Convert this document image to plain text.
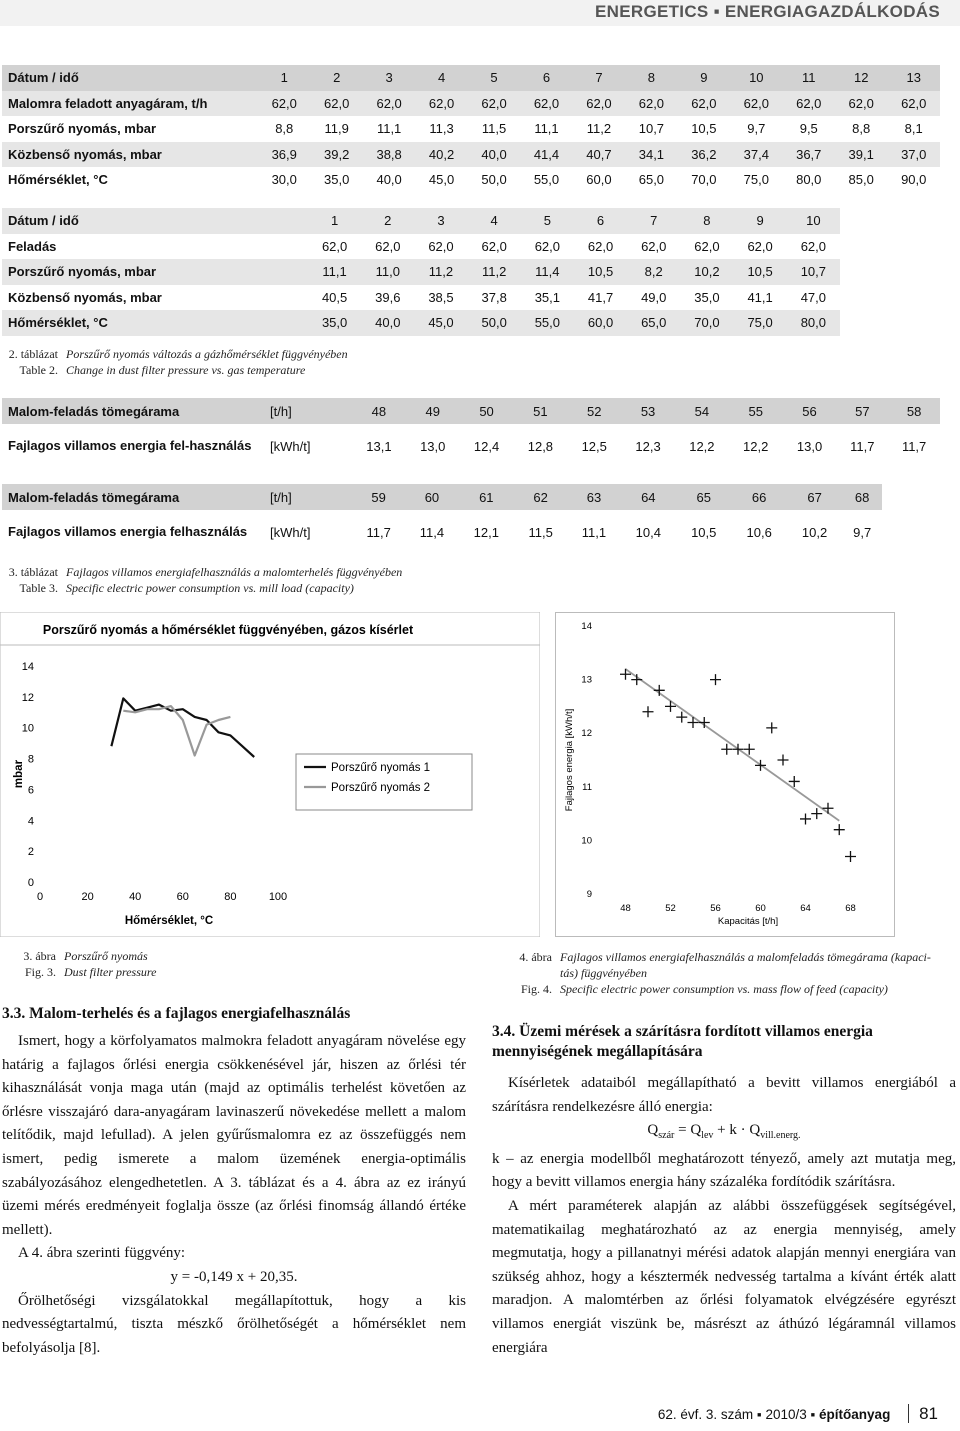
ENERGETICS ▪ ENERGIAGAZDÁLKODÁS
Dátum / idő	1	2	3	4	5	6	7	8	9	10	11	12	13
Malomra feladott anyagáram, t/h	62,0	62,0	62,0	62,0	62,0	62,0	62,0	62,0	62,0	62,0	62,0	62,0	62,0
Porszűrő nyomás, mbar	8,8	11,9	11,1	11,3	11,5	11,1	11,2	10,7	10,5	9,7	9,5	8,8	8,1
Közbenső nyomás, mbar	36,9	39,2	38,8	40,2	40,0	41,4	40,7	34,1	36,2	37,4	36,7	39,1	37,0
Hőmérséklet, °C	30,0	35,0	40,0	45,0	50,0	55,0	60,0	65,0	70,0	75,0	80,0	85,0	90,0
Dátum / idő	1	2	3	4	5	6	7	8	9	10
Feladás	62,0	62,0	62,0	62,0	62,0	62,0	62,0	62,0	62,0	62,0
Porszűrő nyomás, mbar	11,1	11,0	11,2	11,2	11,4	10,5	8,2	10,2	10,5	10,7
Közbenső nyomás, mbar	40,5	39,6	38,5	37,8	35,1	41,7	49,0	35,0	41,1	47,0
Hőmérséklet, °C	35,0	40,0	45,0	50,0	55,0	60,0	65,0	70,0	75,0	80,0
2. táblázat Porszűrő nyomás változás a gázhőmérséklet függvényében
Table 2. Change in dust filter pressure vs. gas temperature
Malom-feladás tömegárama	[t/h]	48	49	50	51	52	53	54	55	56	57	58
Fajlagos villamos energia fel-használás	[kWh/t]	13,1	13,0	12,4	12,8	12,5	12,3	12,2	12,2	13,0	11,7	11,7
Malom-feladás tömegárama	[t/h]	59	60	61	62	63	64	65	66	67	68
Fajlagos villamos energia felhasználás	[kWh/t]	11,7	11,4	12,1	11,5	11,1	10,4	10,5	10,6	10,2	9,7
3. táblázat Fajlagos villamos energiafelhasználás a malomterhelés függvényében
Table 3. Specific electric power consumption vs. mill load (capacity)
Porszűrő nyomás a hőmérséklet függvényében, gázos kísérlet
0
2
4
6
8
10
12
14
0	20	40	60	80	100
Hőmérséklet, °C
mbar	Porszűrő nyomás 1
Porszűrő nyomás 2
9
10
11
12
13
14
48	52	56	60	64	68
Kapacitás [t/h]
Fajlagos energia [kWh/t]
3. ábra Porszűrő nyomás
Fig. 3. Dust filter pressure
4. ábra Fajlagos villamos energiafelhasználás a malomfeladás tömegárama (kapaci-tás) függvényében
Fig. 4. Specific electric power consumption vs. mass flow of feed (capacity)
3.3. Malom-terhelés és a fajlagos energiafelhasználás

Ismert, hogy a körfolyamatos malmokra feladott anyagáram növelése egy határig a fajlagos őrlési energia csökkenésével jár, hiszen az őrlési tér kihasználását vonja maga után (majd az optimális terhelést követően az őrlésre visszajáró dara-anyagáram lavinaszerű növekedése mellett a malom telítődik, majd lefullad). A jelen gyűrűsmalomra ez az összefüggés nem ismert, pedig ismerete a malom üzemének energia-optimális szabályozásához elengedhetetlen. A 3. táblázat és a 4. ábra az ez irányú üzemi mérés eredményeit foglalja össze (az őrlési finomság állandó értéke mellett).

A 4. ábra szerinti függvény:

y = -0,149 x + 20,35.

Őrölhetőségi vizsgálatokkal megállapítottuk, hogy a kis nedvességtartalmú, tiszta mészkő őrölhetőségét a hőmérséklet nem befolyásolja [8].

3.4. Üzemi mérések a szárításra fordított villamos energia mennyiségének megállapítására

Kísérletek adataiból megállapítható a bevitt villamos energiából a szárításra rendelkezésre álló energia:

$Q_{szár} = Q_{lev} + k \cdot Q_{vill.energ.}$

k – az energia modellből meghatározott tényező, amely azt mutatja meg, hogy a bevitt villamos energia hány százaléka fordítódik szárításra.

A mért paraméterek alapján az alábbi összefüggések segítségével, matematikailag meghatározható az az energia mennyiség, amely megmutatja, hogy a pillanatnyi mérési adatok alapján mennyi energiára van szükség ahhoz, hogy a késztermék nedvesség tartalma a kívánt érték alatt maradjon. A malomtérben az őrlési folyamatok elvégzésére egyrészt villamos energiát viszünk be, másrészt az áthúzó légáramnál villamos energiára

62. évf. 3. szám ▪ 2010/3 ▪ építőanyag 81
